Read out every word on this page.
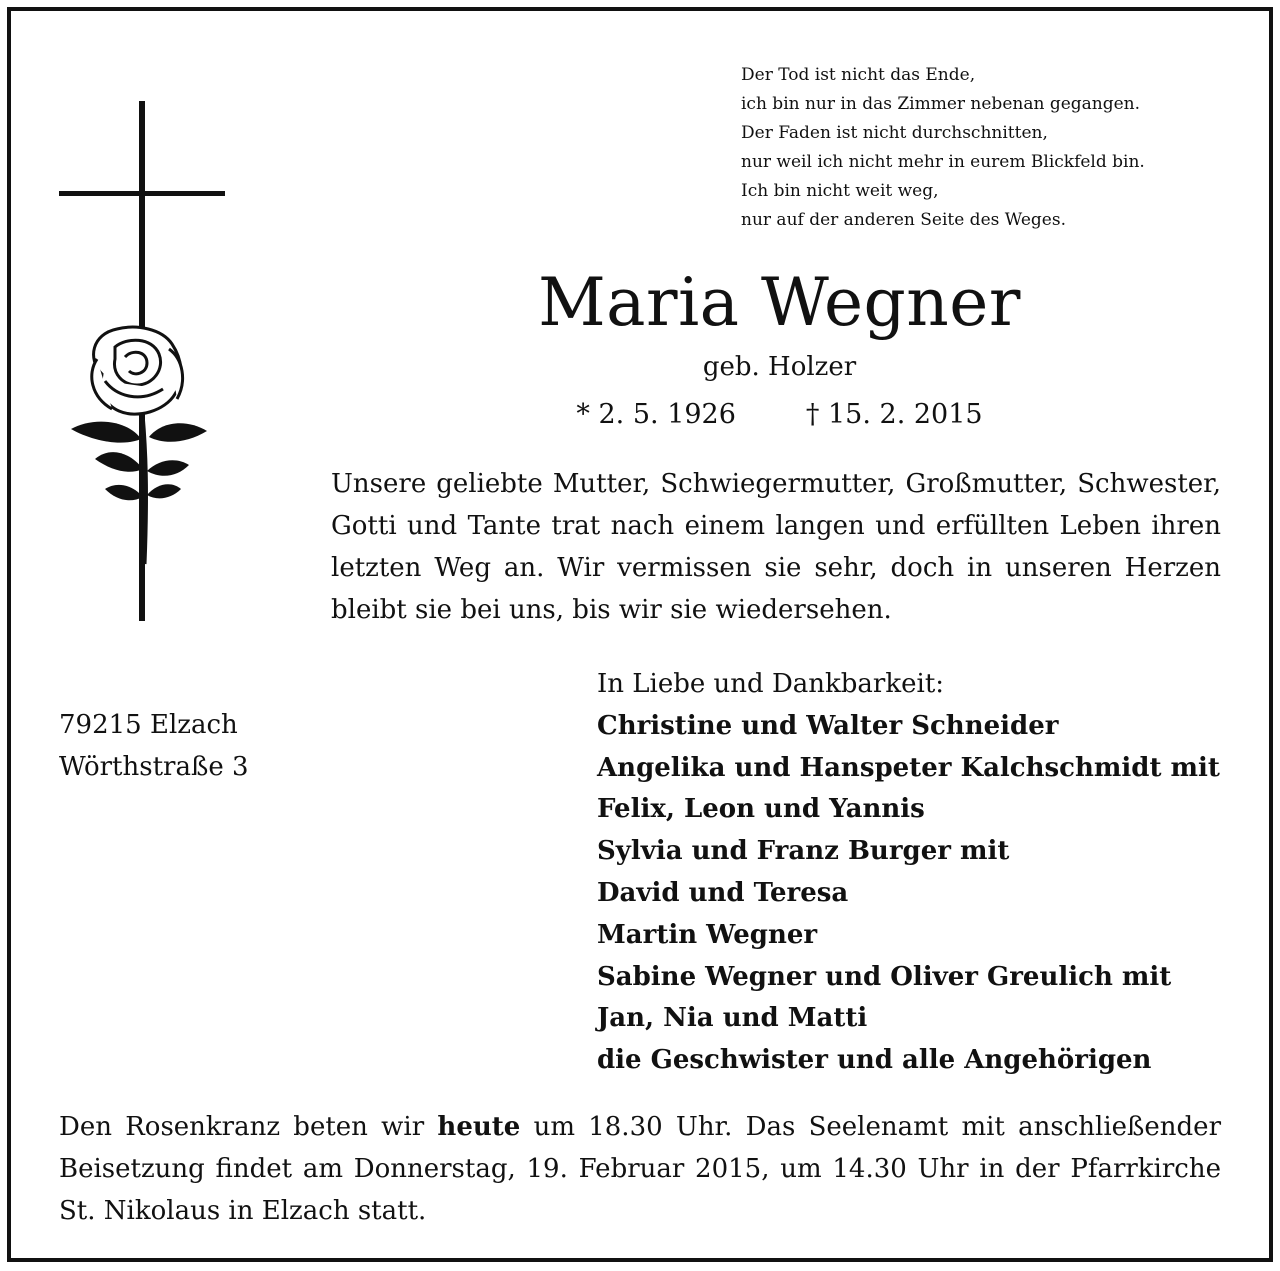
Der Tod ist nicht das Ende,
ich bin nur in das Zimmer nebenan gegangen.
Der Faden ist nicht durchschnitten,
nur weil ich nicht mehr in eurem Blickfeld bin.
Ich bin nicht weit weg,
nur auf der anderen Seite des Weges.
Maria Wegner
geb. Holzer
* 2. 5. 1926	† 15. 2. 2015
Unsere geliebte Mutter, Schwiegermutter, Großmutter, Schwester, Gotti und Tante trat nach einem langen und erfüllten Leben ihren letzten Weg an. Wir vermissen sie sehr, doch in unseren Herzen bleibt sie bei uns, bis wir sie wiedersehen.
79215 Elzach
Wörthstraße 3
In Liebe und Dankbarkeit:
Christine und Walter Schneider
Angelika und Hanspeter Kalchschmidt mit
Felix, Leon und Yannis
Sylvia und Franz Burger mit
David und Teresa
Martin Wegner
Sabine Wegner und Oliver Greulich mit
Jan, Nia und Matti
die Geschwister und alle Angehörigen
Den Rosenkranz beten wir heute um 18.30 Uhr. Das Seelenamt mit anschließender Beisetzung findet am Donnerstag, 19. Februar 2015, um 14.30 Uhr in der Pfarrkirche St. Nikolaus in Elzach statt.
